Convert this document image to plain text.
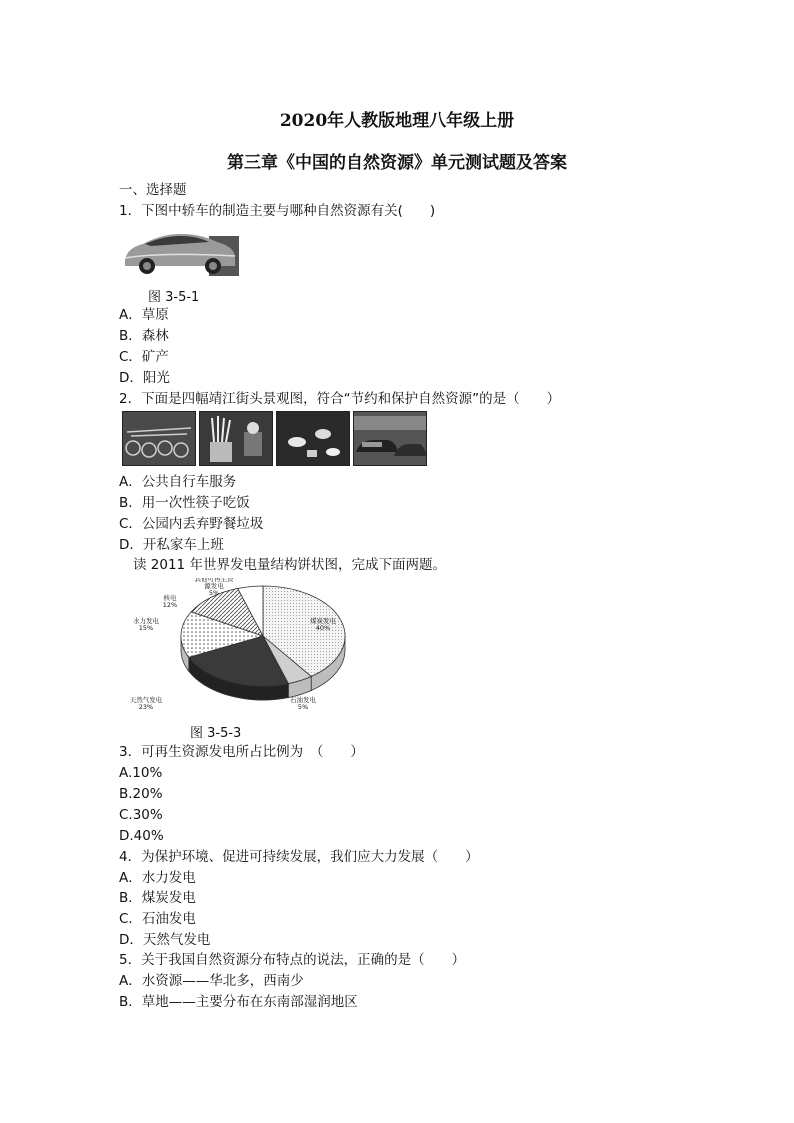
2020年人教版地理八年级上册
第三章《中国的自然资源》单元测试题及答案
一、选择题
1．下图中轿车的制造主要与哪种自然资源有关(　　)
图 3-5-1
A．草原
B．森林
C．矿产
D．阳光
2．下面是四幅靖江街头景观图，符合“节约和保护自然资源”的是（　　）
A．公共自行车服务
B．用一次性筷子吃饭
C．公园内丢弃野餐垃圾
D．开私家车上班
读 2011 年世界发电量结构饼状图，完成下面两题。
煤炭发电
40%
石油发电
5%
天然气发电
23%
水力发电
15%
核电
12%
其他可再生资
源发电
5%
图 3-5-3
3．可再生资源发电所占比例为　（　　）
A.10%
B.20%
C.30%
D.40%
4．为保护环境、促进可持续发展，我们应大力发展（　　）
A．水力发电
B．煤炭发电
C．石油发电
D．天然气发电
5．关于我国自然资源分布特点的说法，正确的是（　　）
A．水资源——华北多，西南少
B．草地——主要分布在东南部湿润地区
